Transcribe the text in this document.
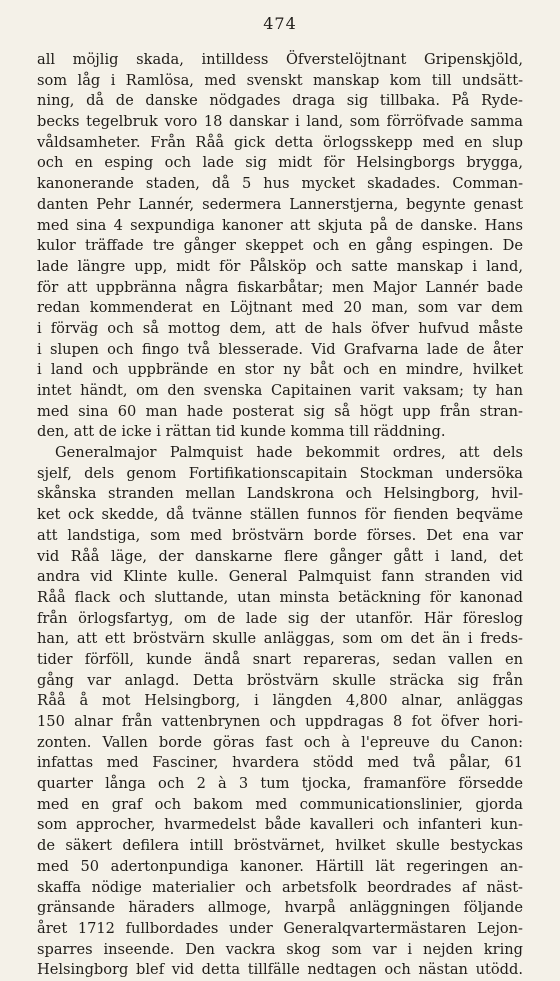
474
all möjlig skada, intilldess Öfverstelöjtnant Gripenskjöld,
som låg i Ramlösa, med svenskt manskap kom till undsätt-
ning, då de danske nödgades draga sig tillbaka. På Ryde-
becks tegelbruk voro 18 danskar i land, som förröfvade samma
våldsamheter. Från Råå gick detta örlogsskepp med en slup
och en esping och lade sig midt för Helsingborgs brygga,
kanonerande staden, då 5 hus mycket skadades. Comman-
danten Pehr Lannér, sedermera Lannerstjerna, begynte genast
med sina 4 sexpundiga kanoner att skjuta på de danske. Hans
kulor träffade tre gånger skeppet och en gång espingen. De
lade längre upp, midt för Pålsköp och satte manskap i land,
för att uppbränna några fiskarbåtar; men Major Lannér bade
redan kommenderat en Löjtnant med 20 man, som var dem
i förväg och så mottog dem, att de hals öfver hufvud måste
i slupen och fingo två blesserade. Vid Grafvarna lade de åter
i land och uppbrände en stor ny båt och en mindre, hvilket
intet händt, om den svenska Capitainen varit vaksam; ty han
med sina 60 man hade posterat sig så högt upp från stran-
den, att de icke i rättan tid kunde komma till räddning.
Generalmajor Palmquist hade bekommit ordres, att dels
sjelf, dels genom Fortifikationscapitain Stockman undersöka
skånska stranden mellan Landskrona och Helsingborg, hvil-
ket ock skedde, då tvänne ställen funnos för fienden beqväme
att landstiga, som med bröstvärn borde förses. Det ena var
vid Råå läge, der danskarne flere gånger gått i land, det
andra vid Klinte kulle. General Palmquist fann stranden vid
Råå flack och sluttande, utan minsta betäckning för kanonad
från örlogsfartyg, om de lade sig der utanför. Här föreslog
han, att ett bröstvärn skulle anläggas, som om det än i freds-
tider förföll, kunde ändå snart repareras, sedan vallen en
gång var anlagd. Detta bröstvärn skulle sträcka sig från
Råå å mot Helsingborg, i längden 4,800 alnar, anläggas
150 alnar från vattenbrynen och uppdragas 8 fot öfver hori-
zonten. Vallen borde göras fast och à l'epreuve du Canon:
infattas med Fasciner, hvardera stödd med två pålar, 61
quarter långa och 2 à 3 tum tjocka, framanföre försedde
med en graf och bakom med communicationslinier, gjorda
som approcher, hvarmedelst både kavalleri och infanteri kun-
de säkert defilera intill bröstvärnet, hvilket skulle bestyckas
med 50 adertonpundiga kanoner. Härtill lät regeringen an-
skaffa nödige materialier och arbetsfolk beordrades af näst-
gränsande häraders allmoge, hvarpå anläggningen följande
året 1712 fullbordades under Generalqvartermästaren Lejon-
sparres inseende. Den vackra skog som var i nejden kring
Helsingborg blef vid detta tillfälle nedtagen och nästan utödd.
